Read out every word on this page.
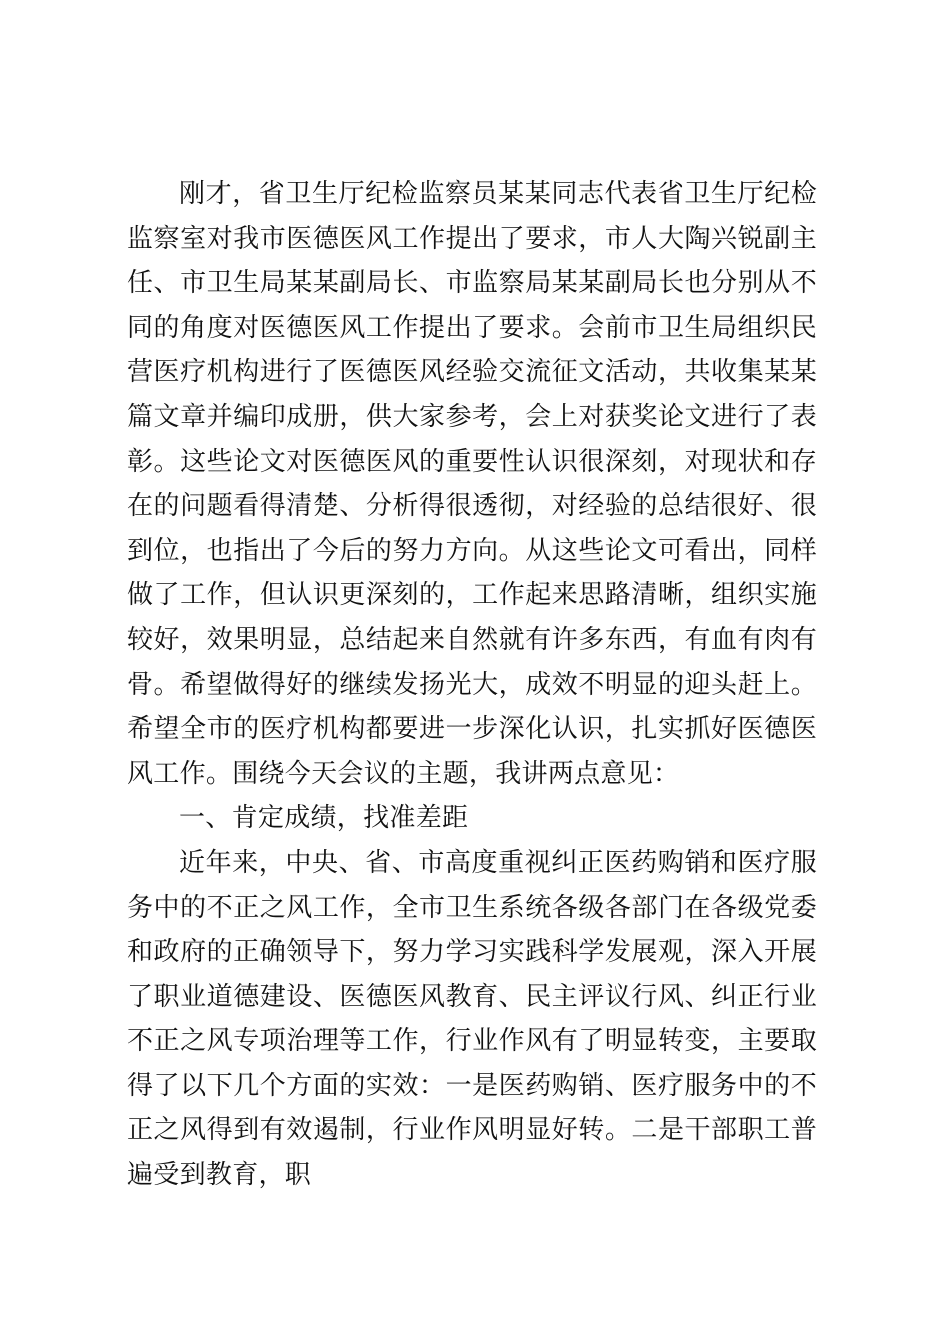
刚才，省卫生厅纪检监察员某某同志代表省卫生厅纪检监察室对我市医德医风工作提出了要求，市人大陶兴锐副主任、市卫生局某某副局长、市监察局某某副局长也分别从不同的角度对医德医风工作提出了要求。会前市卫生局组织民营医疗机构进行了医德医风经验交流征文活动，共收集某某篇文章并编印成册，供大家参考，会上对获奖论文进行了表彰。这些论文对医德医风的重要性认识很深刻，对现状和存在的问题看得清楚、分析得很透彻，对经验的总结很好、很到位，也指出了今后的努力方向。从这些论文可看出，同样做了工作，但认识更深刻的，工作起来思路清晰，组织实施较好，效果明显，总结起来自然就有许多东西，有血有肉有骨。希望做得好的继续发扬光大，成效不明显的迎头赶上。希望全市的医疗机构都要进一步深化认识，扎实抓好医德医风工作。围绕今天会议的主题，我讲两点意见：

一、肯定成绩，找准差距

近年来，中央、省、市高度重视纠正医药购销和医疗服务中的不正之风工作，全市卫生系统各级各部门在各级党委和政府的正确领导下，努力学习实践科学发展观，深入开展了职业道德建设、医德医风教育、民主评议行风、纠正行业不正之风专项治理等工作，行业作风有了明显转变，主要取得了以下几个方面的实效：一是医药购销、医疗服务中的不正之风得到有效遏制，行业作风明显好转。二是干部职工普遍受到教育，职
